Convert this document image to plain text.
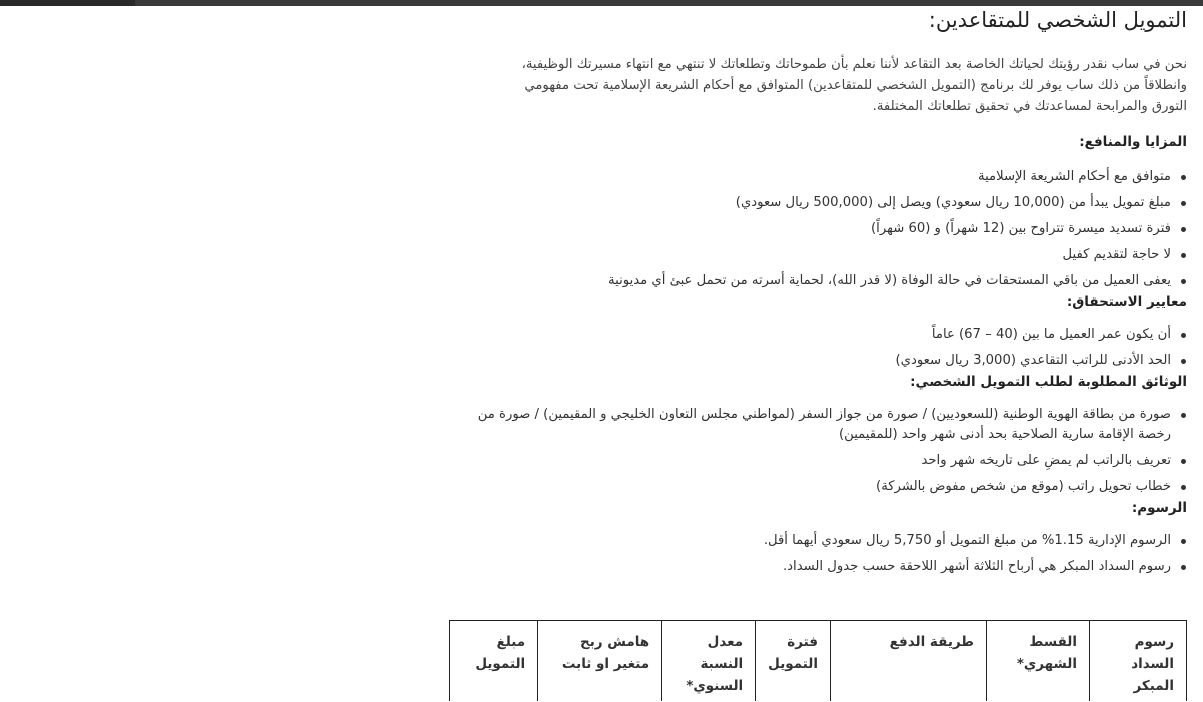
التمويل الشخصي للمتقاعدين:

نحن في ساب نقدر رؤيتك لحياتك الخاصة بعد التقاعد لأننا نعلم بأن طموحاتك وتطلعاتك لا تنتهي مع انتهاء مسيرتك الوظيفية، وانطلاقاً من ذلك ساب يوفر لك برنامج (التمويل الشخصي للمتقاعدين) المتوافق مع أحكام الشريعة الإسلامية تحت مفهومي التورق والمرابحة لمساعدتك في تحقيق تطلعاتك المختلفة.

المزايا والمنافع:
متوافق مع أحكام الشريعة الإسلامية
مبلغ تمويل يبدأ من (10,000 ريال سعودي) ويصل إلى (500,000 ريال سعودي)
فترة تسديد ميسرة تتراوح بين (12 شهراً) و (60 شهراً)
لا حاجة لتقديم كفيل
يعفى العميل من باقي المستحقات في حالة الوفاة (لا قدر الله)، لحماية أسرته من تحمل عبئ أي مديونية
معايير الاستحقاق:
أن يكون عمر العميل ما بين (40 – 67) عاماً
الحد الأدنى للراتب التقاعدي (3,000 ريال سعودي)
الوثائق المطلوبة لطلب التمويل الشخصي:
صورة من بطاقة الهوية الوطنية (للسعوديين) / صورة من جواز السفر (لمواطني مجلس التعاون الخليجي و المقيمين) / صورة من رخصة الإقامة سارية الصلاحية بحد أدنى شهر واحد (للمقيمين)
تعريف بالراتب لم يمضِ على تاريخه شهر واحد
خطاب تحويل راتب (موقع من شخص مفوض بالشركة)
الرسوم:
الرسوم الإدارية 1.15% من مبلغ التمويل أو 5,750 ريال سعودي أيهما أقل.
رسوم السداد المبكر هي أرباح الثلاثة أشهر اللاحقة حسب جدول السداد.
رسوم السداد المبكر	القسط الشهري*	طريقة الدفع	فترة التمويل	معدل النسبة السنوي*	هامش ربح متغير او ثابت	مبلغ التمويل
